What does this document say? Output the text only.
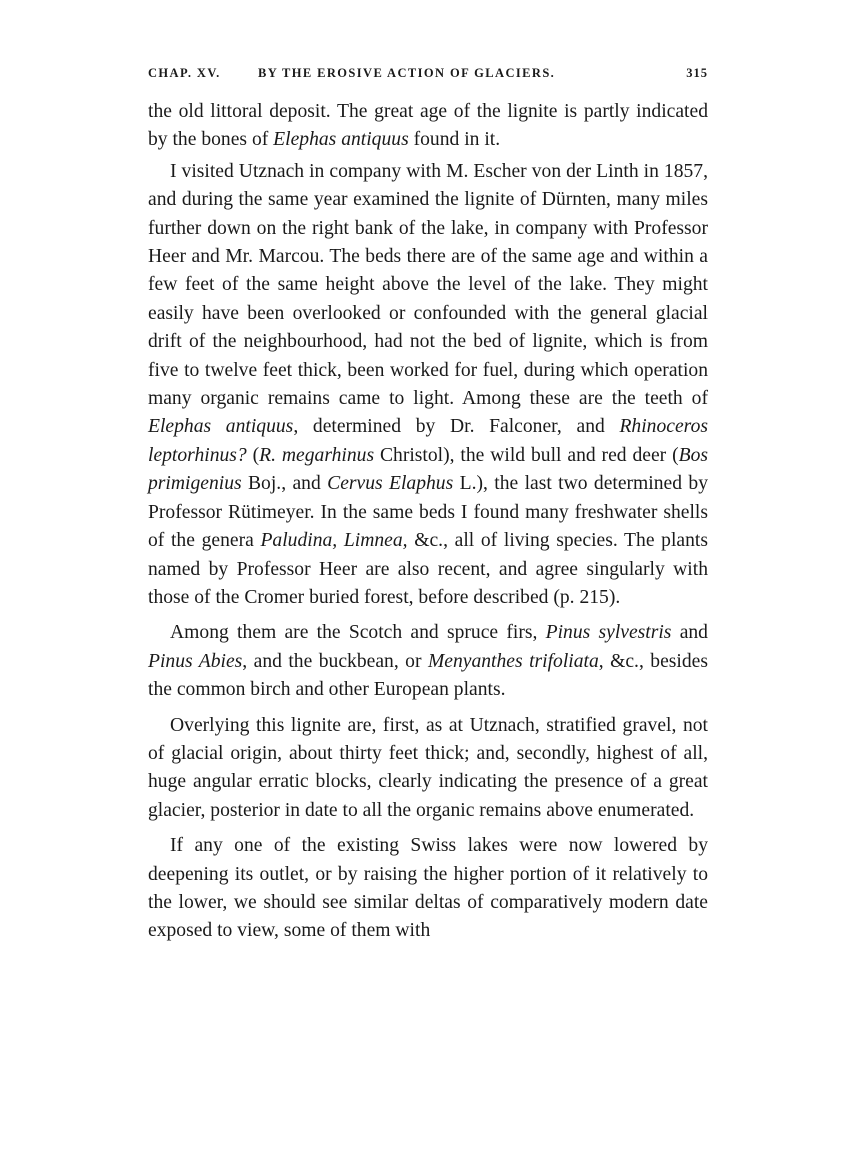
CHAP. XV.	BY THE EROSIVE ACTION OF GLACIERS.	315

the old littoral deposit. The great age of the lignite is partly indicated by the bones of Elephas antiquus found in it.

I visited Utznach in company with M. Escher von der Linth in 1857, and during the same year examined the lignite of Dürnten, many miles further down on the right bank of the lake, in company with Professor Heer and Mr. Marcou. The beds there are of the same age and within a few feet of the same height above the level of the lake. They might easily have been overlooked or confounded with the general glacial drift of the neighbourhood, had not the bed of lignite, which is from five to twelve feet thick, been worked for fuel, during which operation many organic remains came to light. Among these are the teeth of Elephas antiquus, determined by Dr. Falconer, and Rhinoceros leptorhinus? (R. megarhinus Christol), the wild bull and red deer (Bos primigenius Boj., and Cervus Elaphus L.), the last two determined by Professor Rütimeyer. In the same beds I found many freshwater shells of the genera Paludina, Limnea, &c., all of living species. The plants named by Professor Heer are also recent, and agree singularly with those of the Cromer buried forest, before described (p. 215).

Among them are the Scotch and spruce firs, Pinus sylvestris and Pinus Abies, and the buckbean, or Menyanthes trifoliata, &c., besides the common birch and other European plants.

Overlying this lignite are, first, as at Utznach, stratified gravel, not of glacial origin, about thirty feet thick; and, secondly, highest of all, huge angular erratic blocks, clearly indicating the presence of a great glacier, posterior in date to all the organic remains above enumerated.

If any one of the existing Swiss lakes were now lowered by deepening its outlet, or by raising the higher portion of it relatively to the lower, we should see similar deltas of comparatively modern date exposed to view, some of them with
